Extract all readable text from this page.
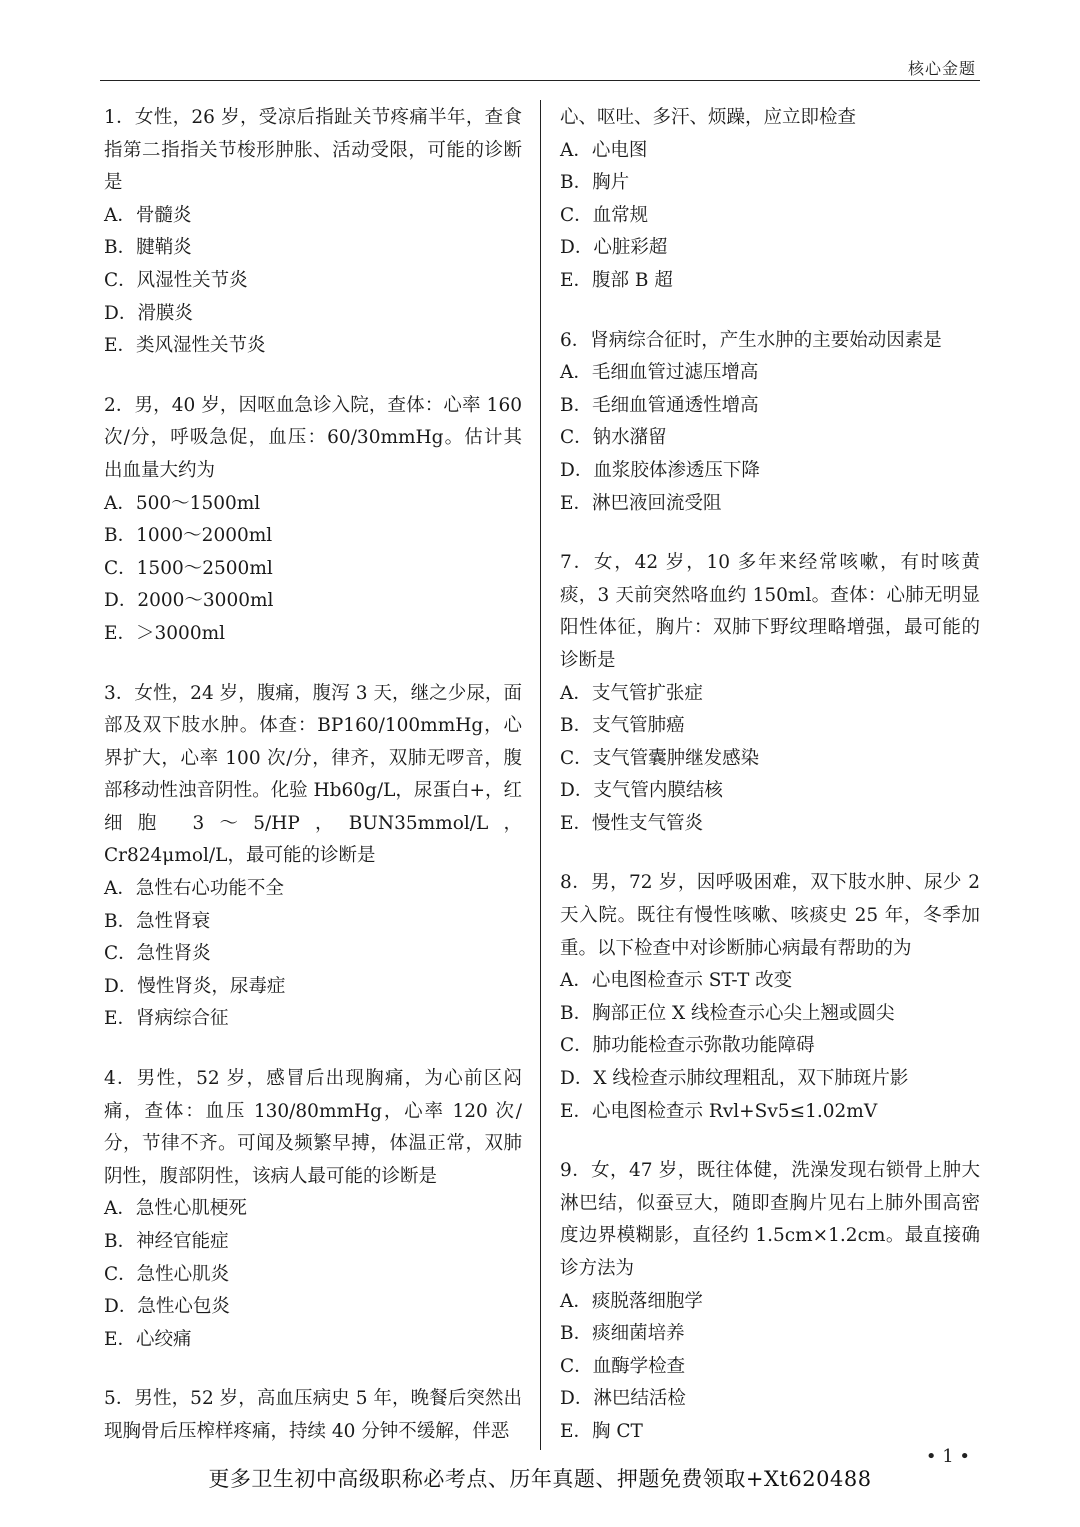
核心金题
1．女性，26 岁，受凉后指趾关节疼痛半年，查食指第二指指关节梭形肿胀、活动受限，可能的诊断是
A．骨髓炎
B．腱鞘炎
C．风湿性关节炎
D．滑膜炎
E．类风湿性关节炎
2．男，40 岁，因呕血急诊入院，查体：心率 160 次/分，呼吸急促，血压：60/30mmHg。估计其出血量大约为
A．500～1500ml
B．1000～2000ml
C．1500～2500ml
D．2000～3000ml
E．＞3000ml
3．女性，24 岁，腹痛，腹泻 3 天，继之少尿，面部及双下肢水肿。体查：BP160/100mmHg，心界扩大，心率 100 次/分，律齐，双肺无啰音，腹部移动性浊音阴性。化验 Hb60g/L，尿蛋白+，红细胞 3～5/HP，BUN35mmol/L，Cr824μmol/L，最可能的诊断是
A．急性右心功能不全
B．急性肾衰
C．急性肾炎
D．慢性肾炎，尿毒症
E．肾病综合征
4．男性，52 岁，感冒后出现胸痛，为心前区闷痛，查体：血压 130/80mmHg，心率 120 次/分，节律不齐。可闻及频繁早搏，体温正常，双肺阴性，腹部阴性，该病人最可能的诊断是
A．急性心肌梗死
B．神经官能症
C．急性心肌炎
D．急性心包炎
E．心绞痛
5．男性，52 岁，高血压病史 5 年，晚餐后突然出现胸骨后压榨样疼痛，持续 40 分钟不缓解，伴恶
心、呕吐、多汗、烦躁，应立即检查
A．心电图
B．胸片
C．血常规
D．心脏彩超
E．腹部 B 超
6．肾病综合征时，产生水肿的主要始动因素是
A．毛细血管过滤压增高
B．毛细血管通透性增高
C．钠水潴留
D．血浆胶体渗透压下降
E．淋巴液回流受阻
7．女，42 岁，10 多年来经常咳嗽，有时咳黄痰，3 天前突然咯血约 150ml。查体：心肺无明显阳性体征，胸片：双肺下野纹理略增强，最可能的诊断是
A．支气管扩张症
B．支气管肺癌
C．支气管囊肿继发感染
D．支气管内膜结核
E．慢性支气管炎
8．男，72 岁，因呼吸困难，双下肢水肿、尿少 2 天入院。既往有慢性咳嗽、咳痰史 25 年，冬季加重。以下检查中对诊断肺心病最有帮助的为
A．心电图检查示 ST-T 改变
B．胸部正位 X 线检查示心尖上翘或圆尖
C．肺功能检查示弥散功能障碍
D．X 线检查示肺纹理粗乱，双下肺斑片影
E．心电图检查示 Rvl+Sv5≤1.02mV
9．女，47 岁，既往体健，洗澡发现右锁骨上肿大淋巴结，似蚕豆大，随即查胸片见右上肺外围高密度边界模糊影，直径约 1.5cm×1.2cm。最直接确诊方法为
A．痰脱落细胞学
B．痰细菌培养
C．血酶学检查
D．淋巴结活检
E．胸 CT
• 1 •
更多卫生初中高级职称必考点、历年真题、押题免费领取+Xt620488
